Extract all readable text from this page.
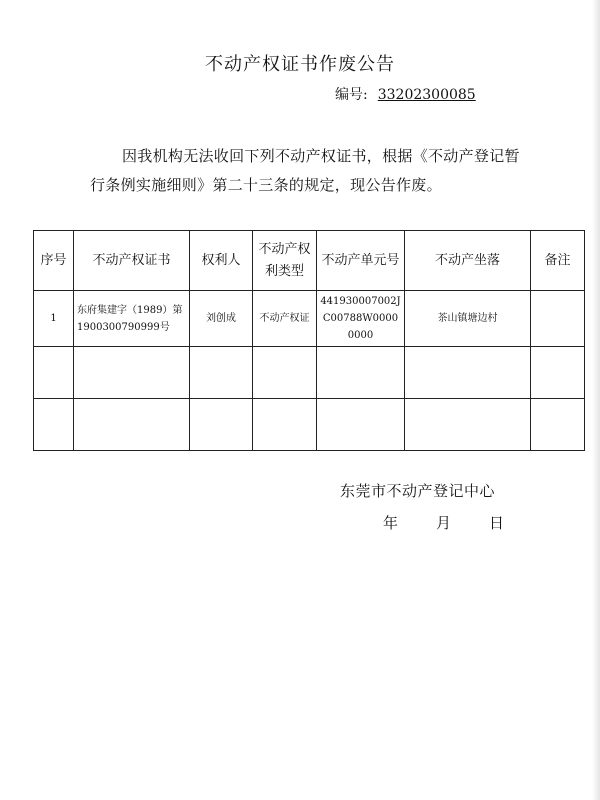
不动产权证书作废公告
编号: 33202300085
因我机构无法收回下列不动产权证书，根据《不动产登记暂行条例实施细则》第二十三条的规定，现公告作废。
序号	不动产权证书	权利人	不动产权利类型	不动产单元号	不动产坐落	备注
1	东府集建字（1989）第1900300790999号	刘创成	不动产权证	441930007002JC00788W00000000	茶山镇塘边村	

东莞市不动产登记中心
年	月	日
